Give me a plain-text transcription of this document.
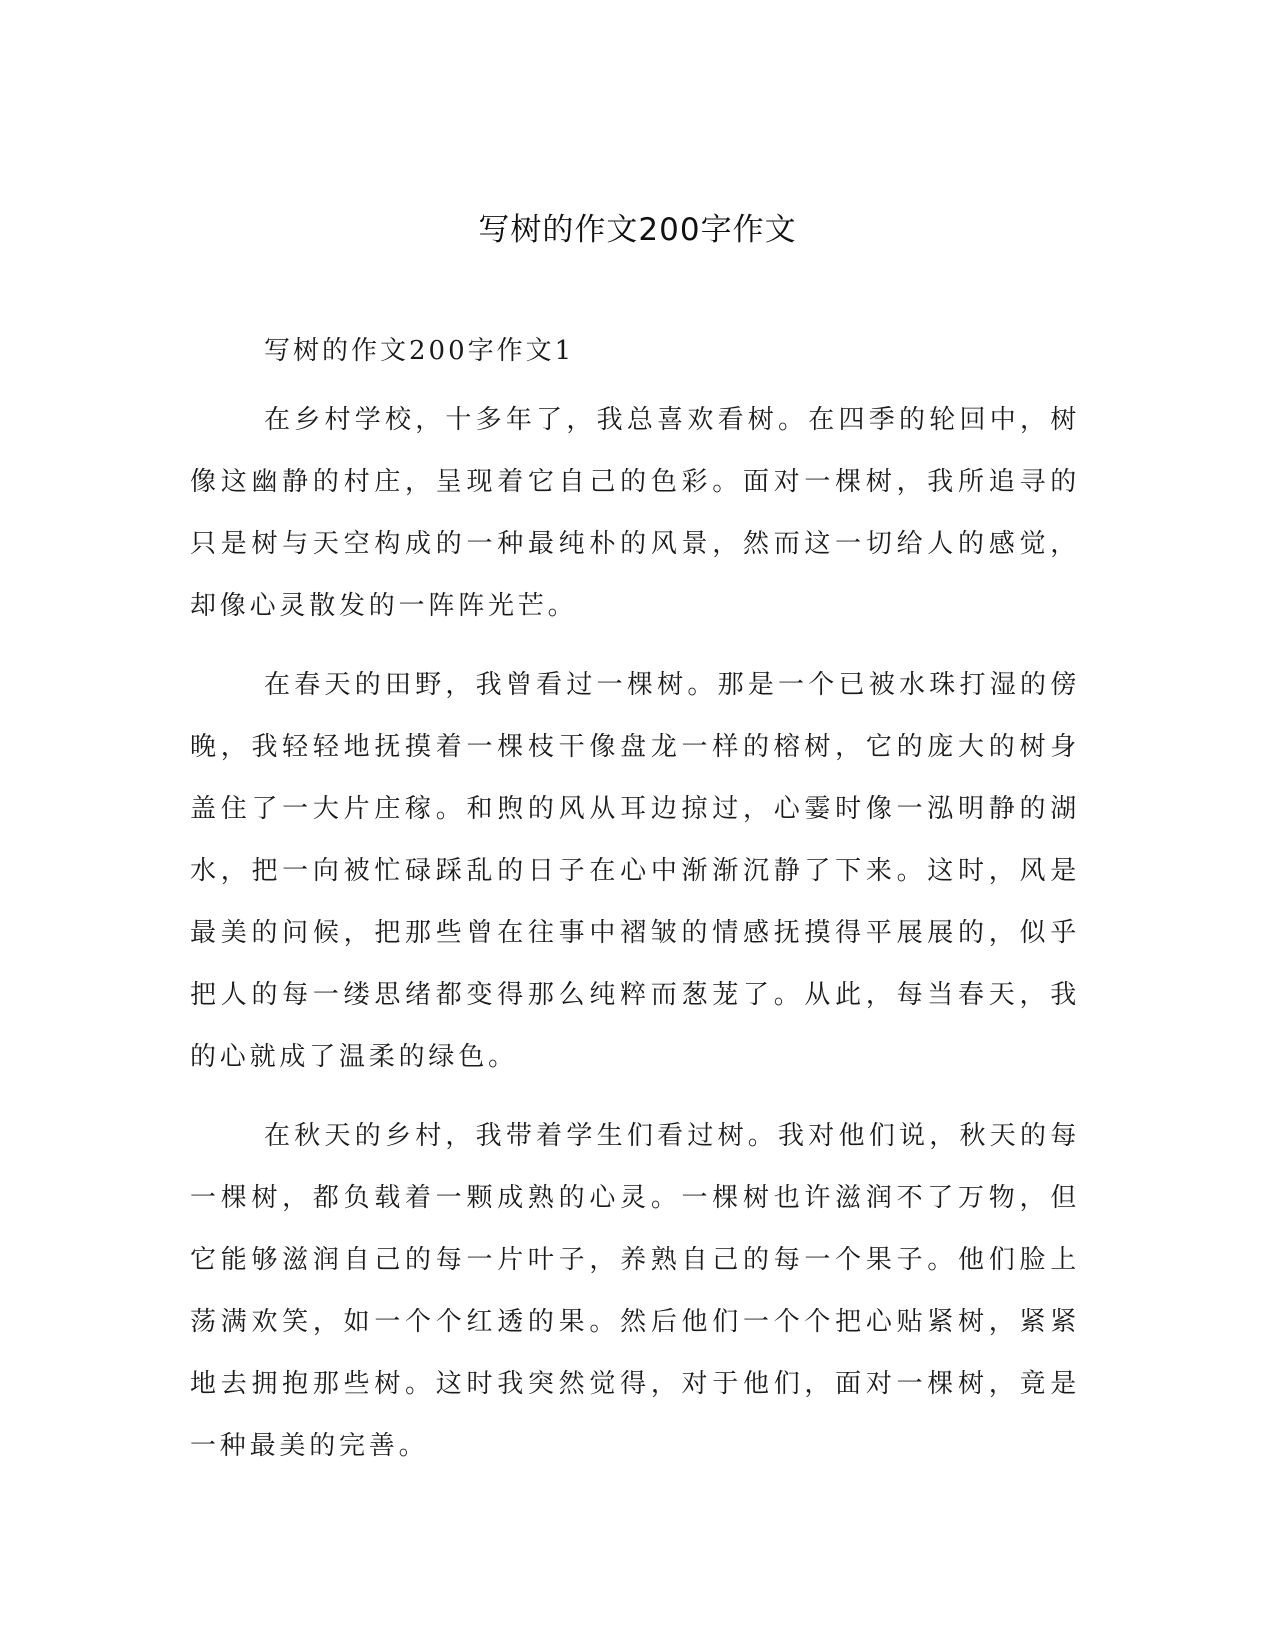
写树的作文200字作文

写树的作文200字作文1

在乡村学校，十多年了，我总喜欢看树。在四季的轮回中，树像这幽静的村庄，呈现着它自己的色彩。面对一棵树，我所追寻的只是树与天空构成的一种最纯朴的风景，然而这一切给人的感觉，却像心灵散发的一阵阵光芒。

在春天的田野，我曾看过一棵树。那是一个已被水珠打湿的傍晚，我轻轻地抚摸着一棵枝干像盘龙一样的榕树，它的庞大的树身盖住了一大片庄稼。和煦的风从耳边掠过，心霎时像一泓明静的湖水，把一向被忙碌踩乱的日子在心中渐渐沉静了下来。这时，风是最美的问候，把那些曾在往事中褶皱的情感抚摸得平展展的，似乎把人的每一缕思绪都变得那么纯粹而葱茏了。从此，每当春天，我的心就成了温柔的绿色。

在秋天的乡村，我带着学生们看过树。我对他们说，秋天的每一棵树，都负载着一颗成熟的心灵。一棵树也许滋润不了万物，但它能够滋润自己的每一片叶子，养熟自己的每一个果子。他们脸上荡满欢笑，如一个个红透的果。然后他们一个个把心贴紧树，紧紧地去拥抱那些树。这时我突然觉得，对于他们，面对一棵树，竟是一种最美的完善。
